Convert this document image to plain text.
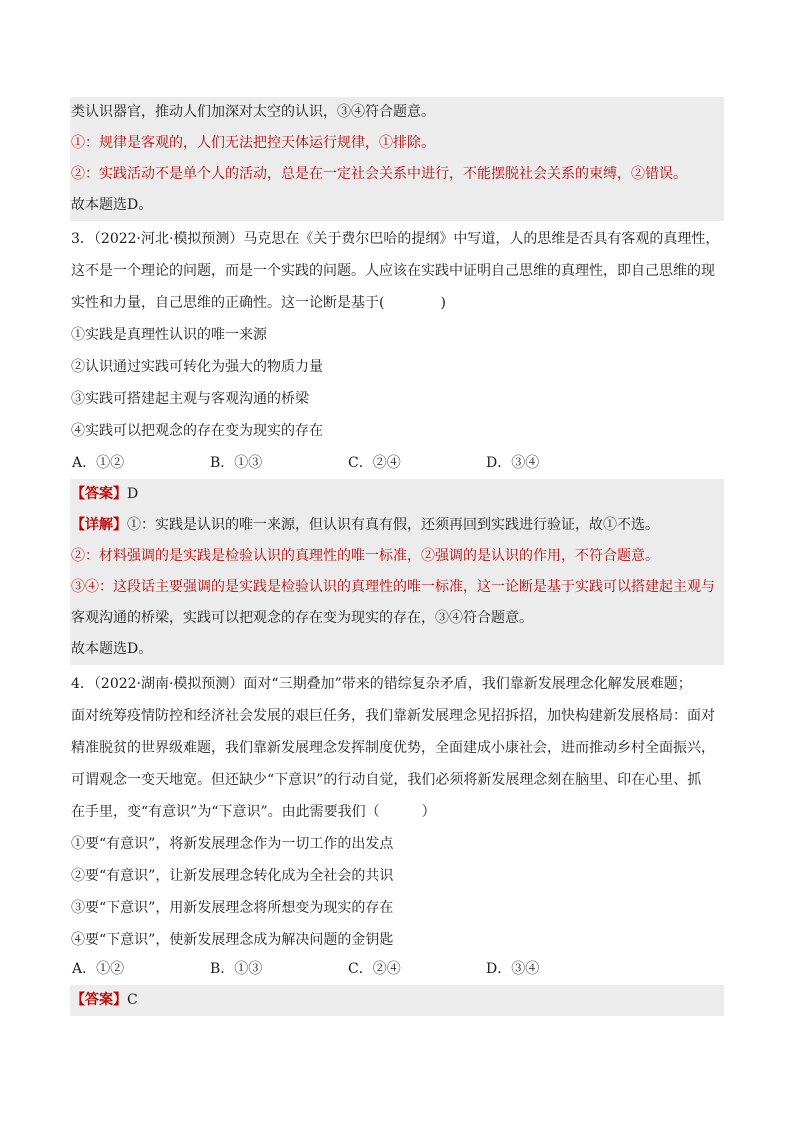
类认识器官，推动人们加深对太空的认识，③④符合题意。
①：规律是客观的，人们无法把控天体运行规律，①排除。
②：实践活动不是单个人的活动，总是在一定社会关系中进行，不能摆脱社会关系的束缚，②错误。
故本题选D。
3．（2022·河北·模拟预测）马克思在《关于费尔巴哈的提纲》中写道，人的思维是否具有客观的真理性，
这不是一个理论的问题，而是一个实践的问题。人应该在实践中证明自己思维的真理性，即自己思维的现
实性和力量，自己思维的正确性。这一论断是基于(　　　　)
①实践是真理性认识的唯一来源
②认识通过实践可转化为强大的物质力量
③实践可搭建起主观与客观沟通的桥梁
④实践可以把观念的存在变为现实的存在
A．①②	B．①③	C．②④	D．③④
【答案】D
【详解】①：实践是认识的唯一来源，但认识有真有假，还须再回到实践进行验证，故①不选。
②：材料强调的是实践是检验认识的真理性的唯一标准，②强调的是认识的作用，不符合题意。
③④：这段话主要强调的是实践是检验认识的真理性的唯一标准，这一论断是基于实践可以搭建起主观与
客观沟通的桥梁，实践可以把观念的存在变为现实的存在，③④符合题意。
故本题选D。
4．（2022·湖南·模拟预测）面对“三期叠加”带来的错综复杂矛盾，我们靠新发展理念化解发展难题；
面对统筹疫情防控和经济社会发展的艰巨任务，我们靠新发展理念见招拆招，加快构建新发展格局：面对
精准脱贫的世界级难题，我们靠新发展理念发挥制度优势，全面建成小康社会，进而推动乡村全面振兴，
可谓观念一变天地宽。但还缺少“下意识”的行动自觉，我们必须将新发展理念刻在脑里、印在心里、抓
在手里，变“有意识”为“下意识”。由此需要我们（　　　）
①要“有意识”，将新发展理念作为一切工作的出发点
②要“有意识”，让新发展理念转化成为全社会的共识
③要“下意识”，用新发展理念将所想变为现实的存在
④要“下意识”，使新发展理念成为解决问题的金钥匙
A．①②	B．①③	C．②④	D．③④
【答案】C
